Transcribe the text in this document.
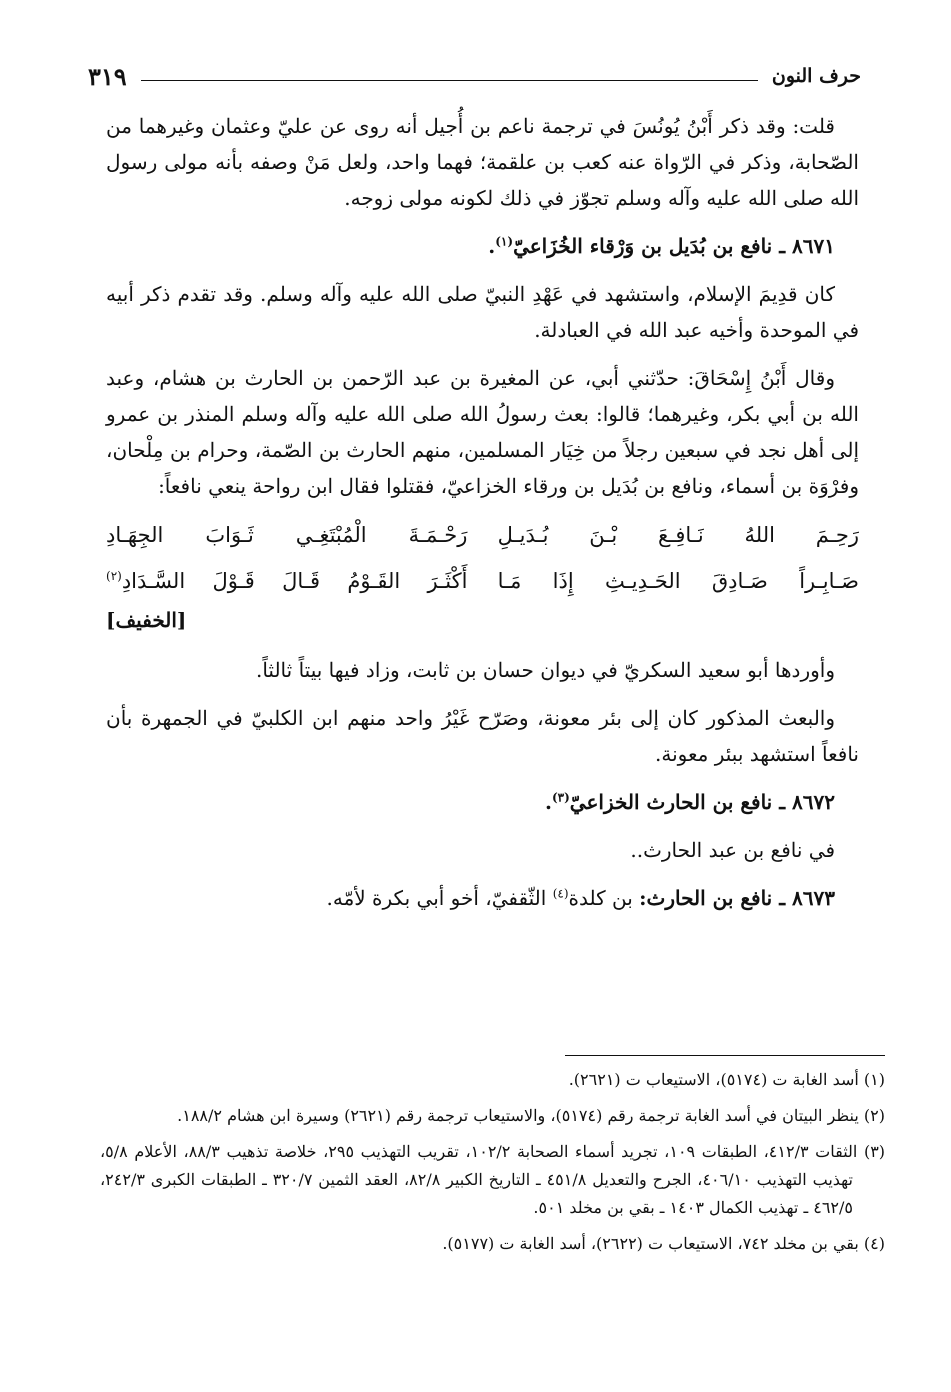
حرف النون
٣١٩

قلت: وقد ذكر أَبْنُ يُونُسَ في ترجمة ناعم بن أُجيل أنه روى عن عليّ وعثمان وغيرهما من الصّحابة، وذكر في الرّواة عنه كعب بن علقمة؛ فهما واحد، ولعل مَنْ وصفه بأنه مولى رسول الله صلى الله عليه وآله وسلم تجوّز في ذلك لكونه مولى زوجه.

٨٦٧١ ـ نافع بن بُدَيل بن وَرْقاء الخُزَاعيّ$^{(١)}$.

كان قدِيمَ الإسلام، واستشهد في عَهْدِ النبيّ صلى الله عليه وآله وسلم. وقد تقدم ذكر أبيه في الموحدة وأخيه عبد الله في العبادلة.

وقال أَبْنُ إِسْحَاقَ: حدّثني أبي، عن المغيرة بن عبد الرّحمن بن الحارث بن هشام، وعبد الله بن أبي بكر، وغيرهما؛ قالوا: بعث رسولُ الله صلى الله عليه وآله وسلم المنذر بن عمرو إلى أهل نجد في سبعين رجلاً من خِيَار المسلمين، منهم الحارث بن الصّمة، وحرام بن مِلْحان، وفرْوَة بن أسماء، ونافع بن بُدَيل بن ورقاء الخزاعيّ، فقتلوا فقال ابن رواحة ينعي نافعاً:

رَحِـمَ اللهُ نَـافِـعَ بْـنَ بُـدَيـلِ
رَحْـمَـةَ الْمُبْتَغِـي ثَـوَابَ الجِهَـادِ
صَـابِـراً صَـادِقَ الحَـدِيـثِ إِذَا مَـا
أَكْثَـرَ القَـوْمُ قَـالَ قَـوْلَ السَّـدَادِ$^{(٢)}$
[الخفيف]

وأوردها أبو سعيد السكريّ في ديوان حسان بن ثابت، وزاد فيها بيتاً ثالثاً.

والبعث المذكور كان إلى بئر معونة، وصَرّح غَيْرُ واحد منهم ابن الكلبيّ في الجمهرة بأن نافعاً استشهد ببئر معونة.

٨٦٧٢ ـ نافع بن الحارث الخزاعيّ$^{(٣)}$.

في نافع بن عبد الحارث..

٨٦٧٣ ـ نافع بن الحارث: بن كلدة$^{(٤)}$ الثّقفيّ، أخو أبي بكرة لأمّه.

(١) أسد الغابة ت (٥١٧٤)، الاستيعاب ت (٢٦٢١).

(٢) ينظر البيتان في أسد الغابة ترجمة رقم (٥١٧٤)، والاستيعاب ترجمة رقم (٢٦٢١) وسيرة ابن هشام ١٨٨/٢.

(٣) الثقات ٤١٢/٣، الطبقات ١٠٩، تجريد أسماء الصحابة ١٠٢/٢، تقريب التهذيب ٢٩٥، خلاصة تذهيب ٨٨/٣، الأعلام ٥/٨، تهذيب التهذيب ٤٠٦/١٠، الجرح والتعديل ٤٥١/٨ ـ التاريخ الكبير ٨٢/٨، العقد الثمين ٣٢٠/٧ ـ الطبقات الكبرى ٢٤٢/٣، ٤٦٢/٥ ـ تهذيب الكمال ١٤٠٣ ـ بقي بن مخلد ٥٠١.

(٤) بقي بن مخلد ٧٤٢، الاستيعاب ت (٢٦٢٢)، أسد الغابة ت (٥١٧٧).
